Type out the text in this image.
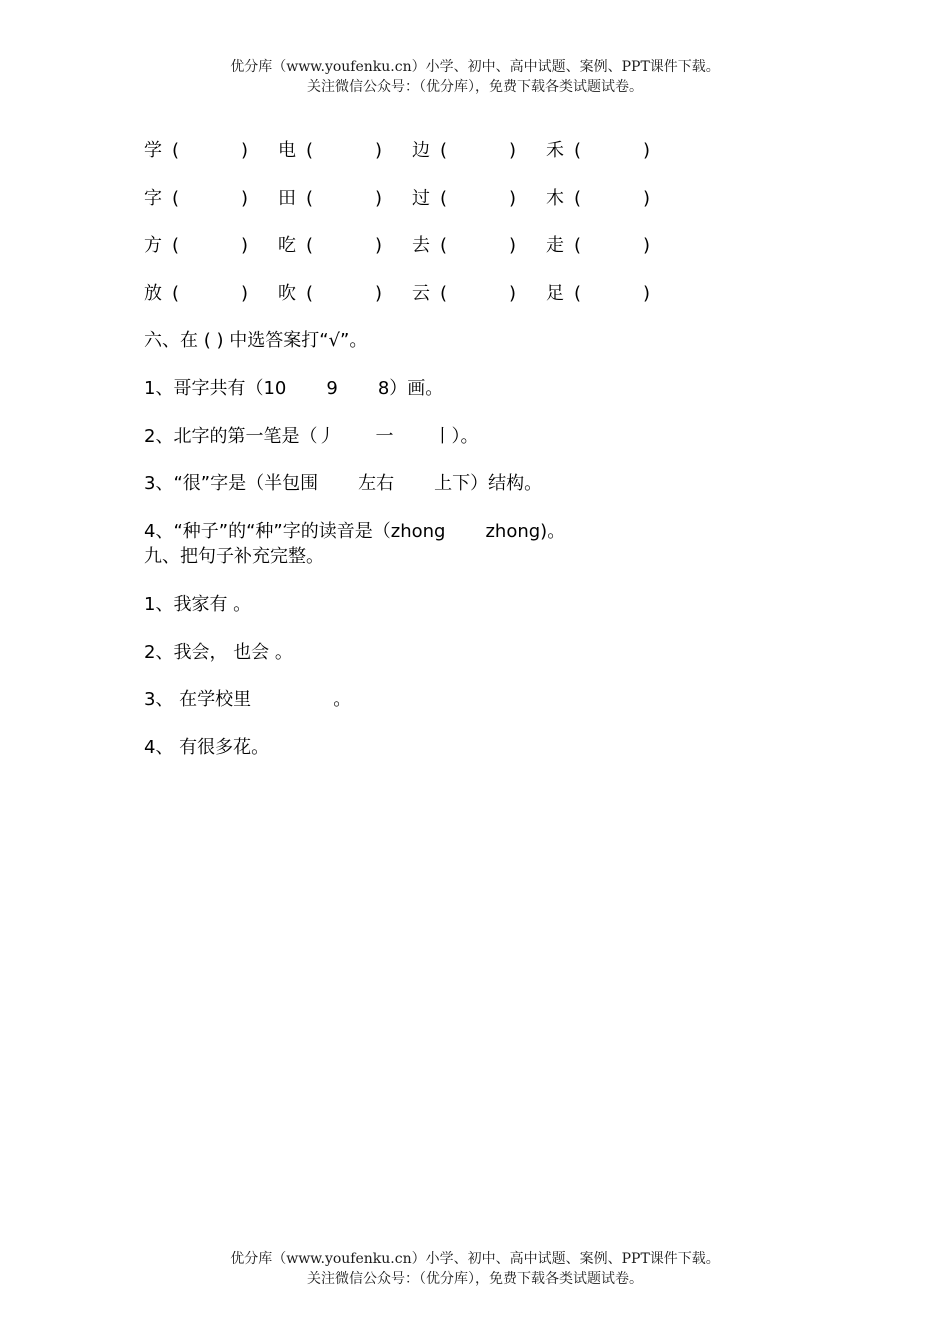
优分库（www.youfenku.cn）小学、初中、高中试题、案例、PPT课件下载。
关注微信公众号：（优分库），免费下载各类试题试卷。
学 (	) 电 (	) 边 (	) 禾 (	)
字 (	) 田 (	) 过 (	) 木 (	)
方 (	) 吃 (	) 去 (	) 走 (	)
放 (	) 吹 (	) 云 (	) 足 (	)
六、在 ( ) 中选答案打“√”。
1、哥字共有（10 9 8）画。
2、北字的第一笔是（丿 一 丨）。
3、“很”字是（半包围 左右 上下）结构。
4、“种子”的“种”字的读音是（zhong zhong)。
九、把句子补充完整。
1、我家有 。
2、我会， 也会 。
3、 在学校里	。
4、 有很多花。
优分库（www.youfenku.cn）小学、初中、高中试题、案例、PPT课件下载。
关注微信公众号：（优分库），免费下载各类试题试卷。
